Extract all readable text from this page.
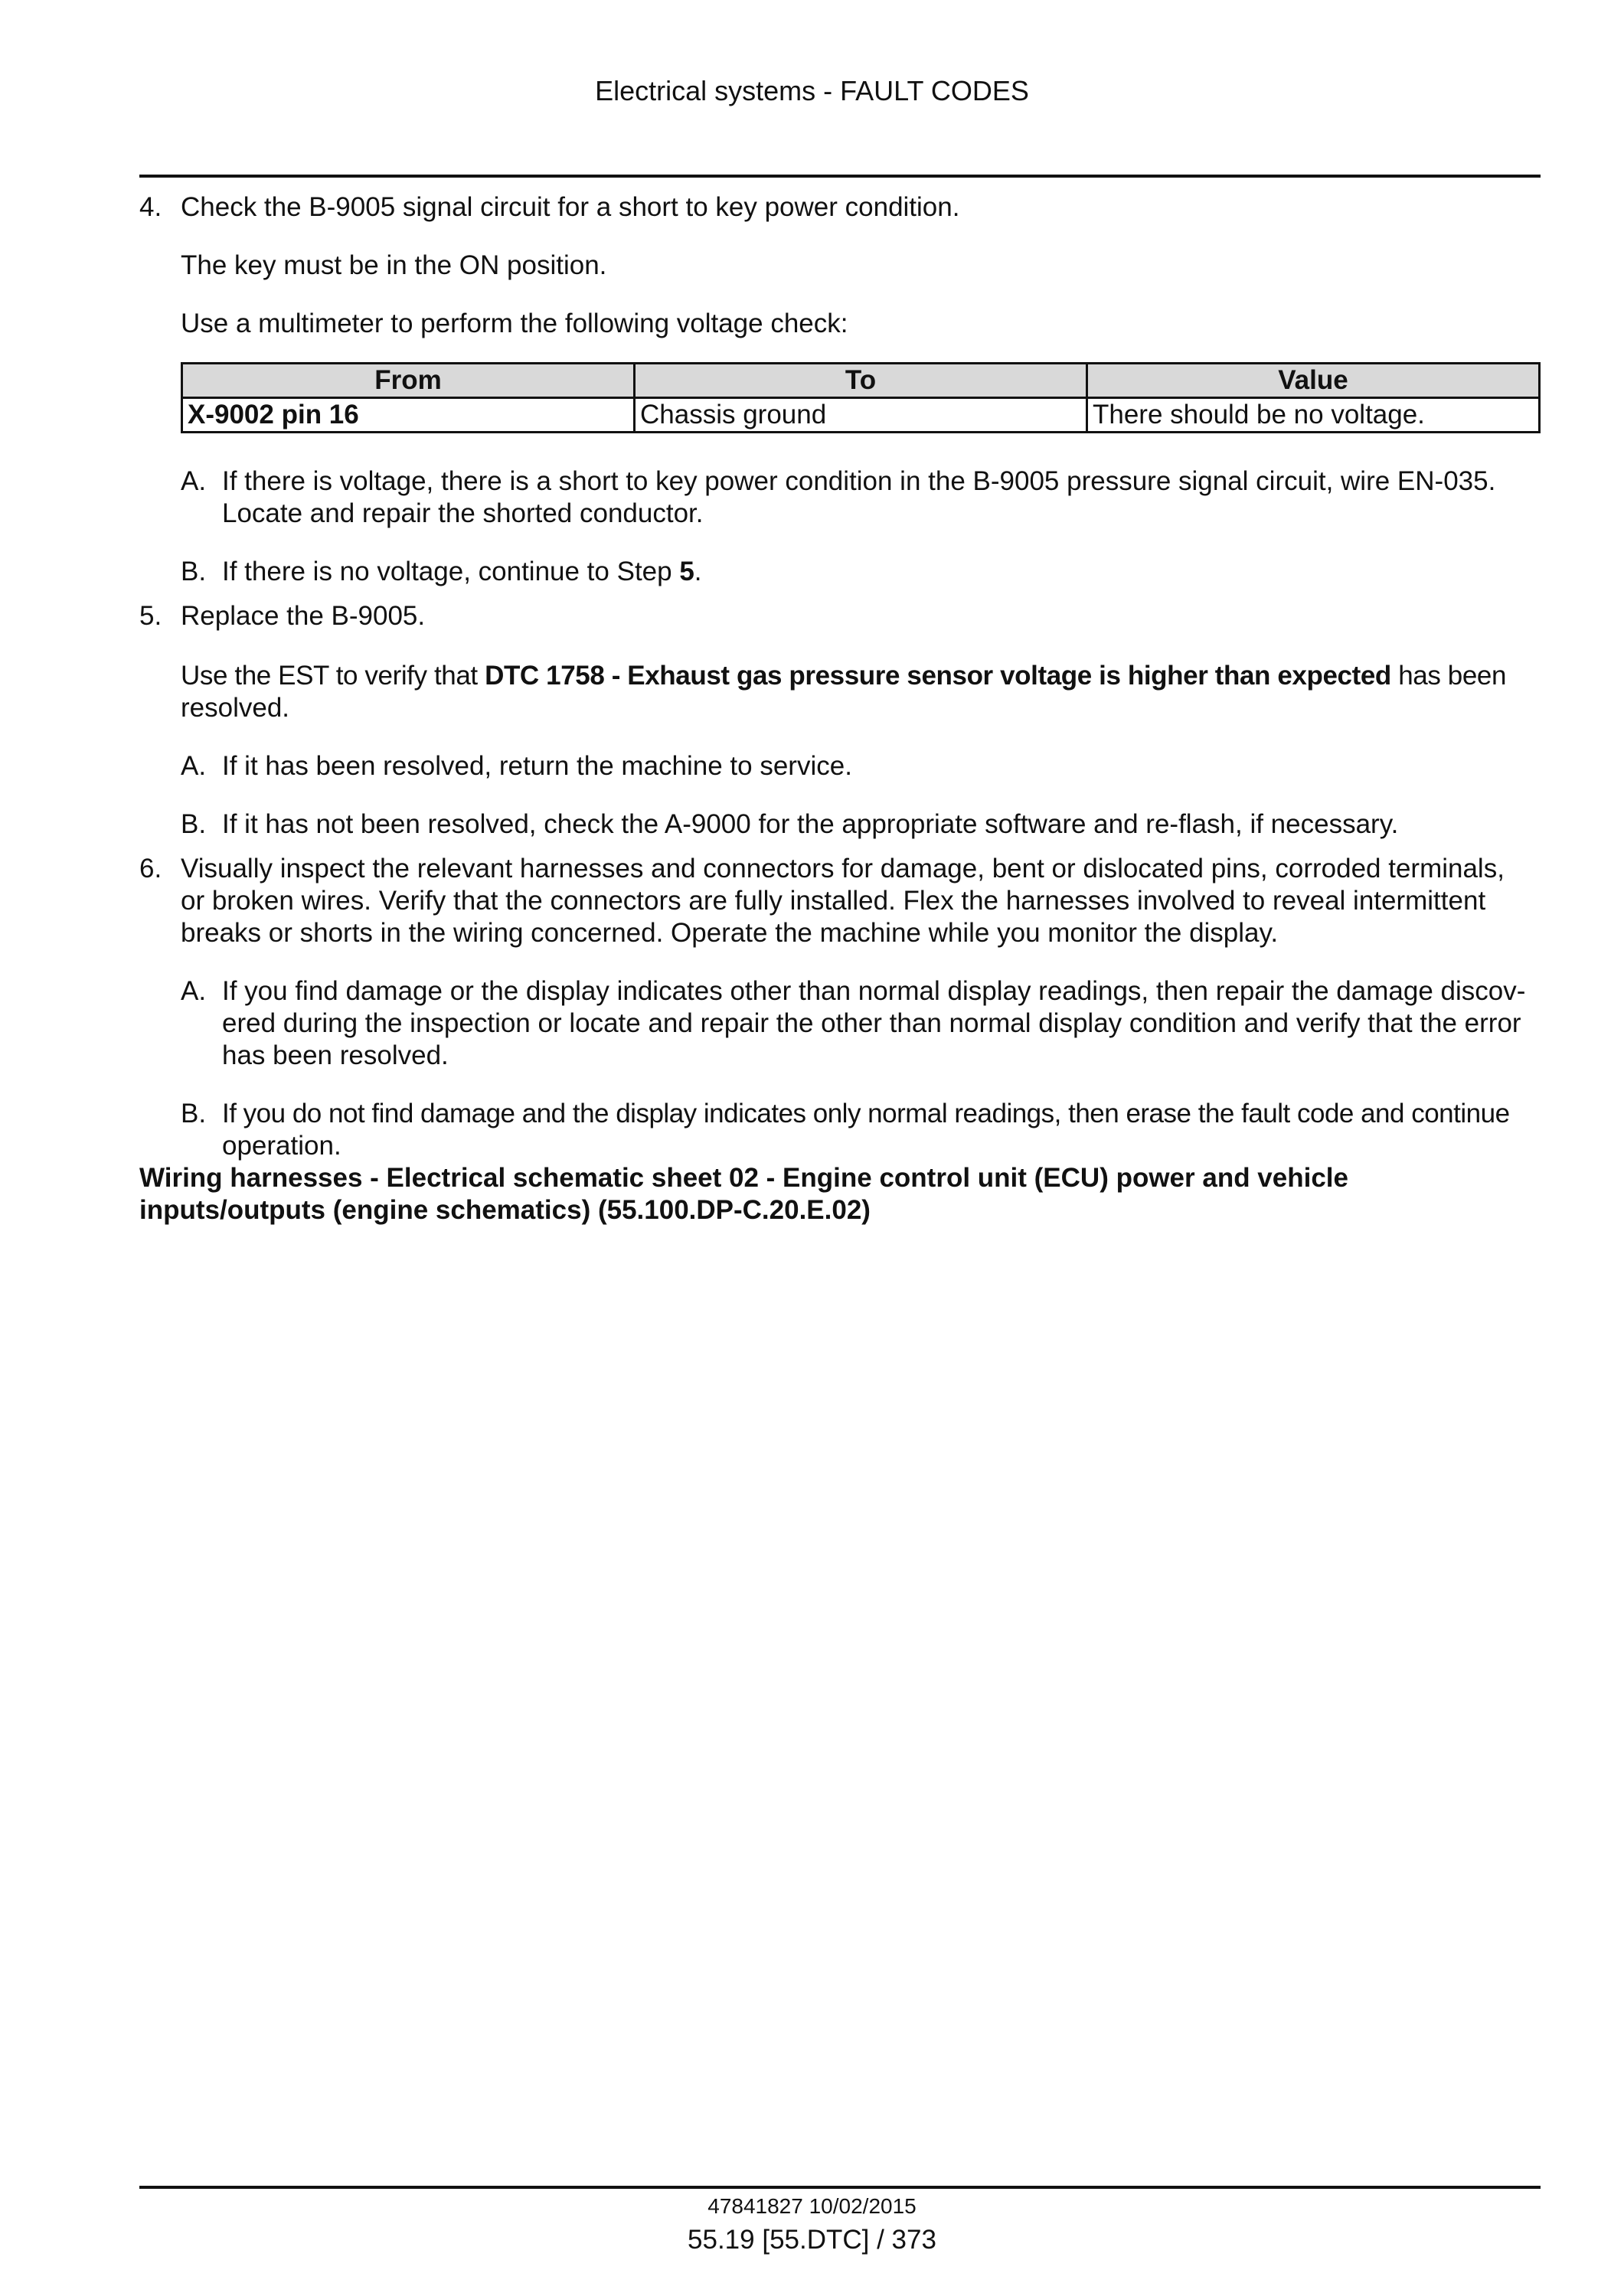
Electrical systems - FAULT CODES
4. Check the B-9005 signal circuit for a short to key power condition.

The key must be in the ON position.

Use a multimeter to perform the following voltage check:

From	To	Value
X-9002 pin 16	Chassis ground	There should be no voltage.
A. If there is voltage, there is a short to key power condition in the B-9005 pressure signal circuit, wire EN-035.

Locate and repair the shorted conductor.

B. If there is no voltage, continue to Step 5.

5. Replace the B-9005.

Use the EST to verify that DTC 1758 - Exhaust gas pressure sensor voltage is higher than expected has been

resolved.

A. If it has been resolved, return the machine to service.

B. If it has not been resolved, check the A-9000 for the appropriate software and re-flash, if necessary.

6. Visually inspect the relevant harnesses and connectors for damage, bent or dislocated pins, corroded terminals,

or broken wires. Verify that the connectors are fully installed. Flex the harnesses involved to reveal intermittent

breaks or shorts in the wiring concerned. Operate the machine while you monitor the display.

A. If you find damage or the display indicates other than normal display readings, then repair the damage discov-

ered during the inspection or locate and repair the other than normal display condition and verify that the error

has been resolved.

B. If you do not find damage and the display indicates only normal readings, then erase the fault code and continue

operation.

Wiring harnesses - Electrical schematic sheet 02 - Engine control unit (ECU) power and vehicle

inputs/outputs (engine schematics) (55.100.DP-C.20.E.02)

47841827 10/02/2015
55.19 [55.DTC] / 373
